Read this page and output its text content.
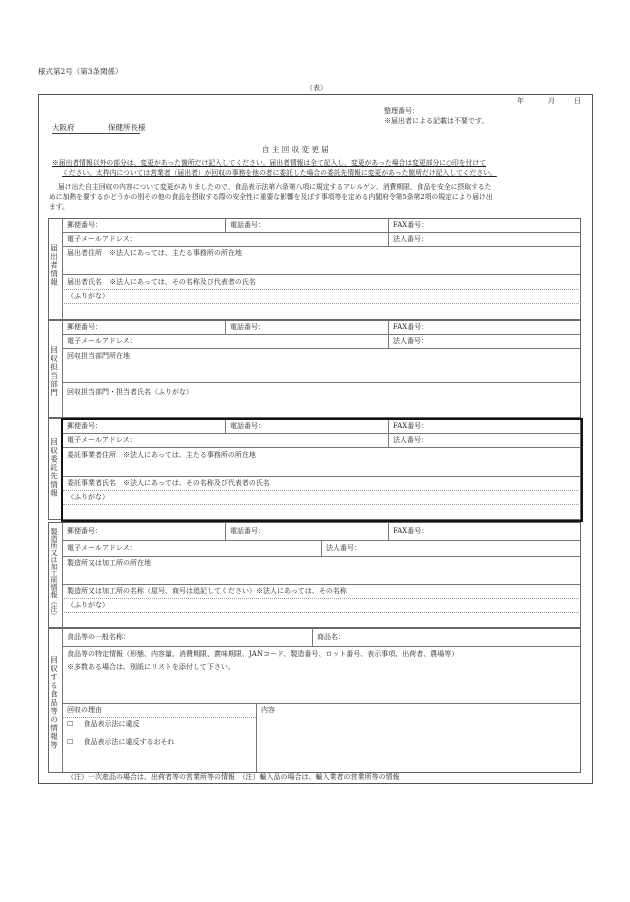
様式第2号（第3条関係）
（表）
年	月	日
整理番号：
※届出者による記載は不要です。
大阪府	保健所長様
自 主 回 収 変 更 届
※届出者情報以外の部分は、変更があった箇所だけ記入してください。届出者情報は全て記入し、変更があった場合は変更部分に○印を付けて
ください。太枠内については営業者（届出者）が回収の事務を他の者に委託した場合の委託先情報に変更があった箇所だけ記入してください。
届け出た自主回収の内容について変更がありましたので、食品表示法第六条第八項に規定するアレルゲン、消費期限、食品を安全に摂取するた
めに加熱を要するかどうかの別その他の食品を摂取する際の安全性に重要な影響を及ぼす事項等を定める内閣府令第5条第2項の規定により届け出
ます。
届出者情報
郵便番号：	電話番号：	FAX番号：
電子メールアドレス：	法人番号：
届出者住所　※法人にあっては、主たる事務所の所在地
届出者氏名　※法人にあっては、その名称及び代表者の氏名
（ふりがな）
回収担当部門
郵便番号：	電話番号：	FAX番号：
電子メールアドレス：	法人番号：
回収担当部門所在地
回収担当部門・担当者氏名（ふりがな）
回収委託先情報
郵便番号：	電話番号：	FAX番号：
電子メールアドレス：	法人番号：
委託事業者住所　※法人にあっては、主たる事務所の所在地
委託事業者氏名　※法人にあっては、その名称及び代表者の氏名
（ふりがな）
製造所又は加工所情報（注） 郵便番号：	電話番号：	FAX番号：
電子メールアドレス：	法人番号：
製造所又は加工所の所在地
製造所又は加工所の名称（屋号、商号は追記してください）※法人にあっては、その名称
（ふりがな）
回収する食品等の情報等
食品等の一般名称：	商品名：
食品等の特定情報（形態、内容量、消費期限、賞味期限、JANコード、製造番号、ロット番号、表示事項、出荷者、農場等）
※多数ある場合は、別紙にリストを添付して下さい。
回収の理由	内容
☐ 食品表示法に違反
☐ 食品表示法に違反するおそれ
（注）一次産品の場合は、出荷者等の営業所等の情報　（注）輸入品の場合は、輸入業者の営業所等の情報
